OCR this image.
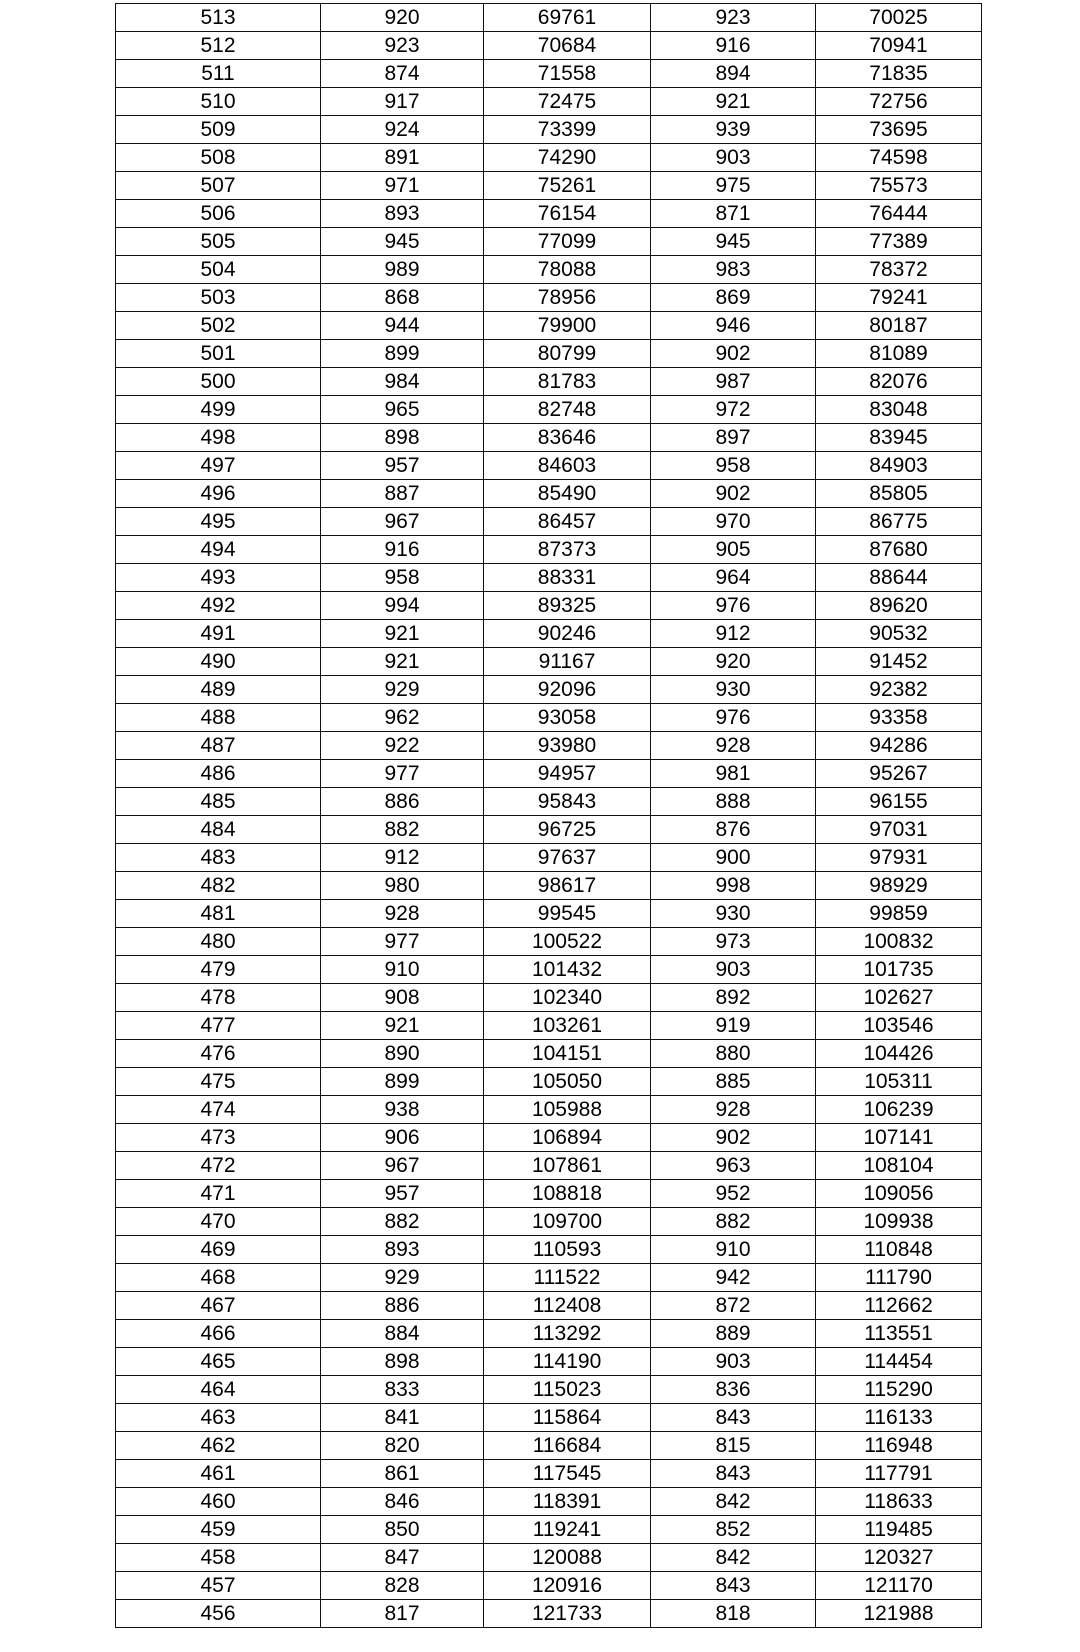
513	920	69761	923	70025
512	923	70684	916	70941
511	874	71558	894	71835
510	917	72475	921	72756
509	924	73399	939	73695
508	891	74290	903	74598
507	971	75261	975	75573
506	893	76154	871	76444
505	945	77099	945	77389
504	989	78088	983	78372
503	868	78956	869	79241
502	944	79900	946	80187
501	899	80799	902	81089
500	984	81783	987	82076
499	965	82748	972	83048
498	898	83646	897	83945
497	957	84603	958	84903
496	887	85490	902	85805
495	967	86457	970	86775
494	916	87373	905	87680
493	958	88331	964	88644
492	994	89325	976	89620
491	921	90246	912	90532
490	921	91167	920	91452
489	929	92096	930	92382
488	962	93058	976	93358
487	922	93980	928	94286
486	977	94957	981	95267
485	886	95843	888	96155
484	882	96725	876	97031
483	912	97637	900	97931
482	980	98617	998	98929
481	928	99545	930	99859
480	977	100522	973	100832
479	910	101432	903	101735
478	908	102340	892	102627
477	921	103261	919	103546
476	890	104151	880	104426
475	899	105050	885	105311
474	938	105988	928	106239
473	906	106894	902	107141
472	967	107861	963	108104
471	957	108818	952	109056
470	882	109700	882	109938
469	893	110593	910	110848
468	929	111522	942	111790
467	886	112408	872	112662
466	884	113292	889	113551
465	898	114190	903	114454
464	833	115023	836	115290
463	841	115864	843	116133
462	820	116684	815	116948
461	861	117545	843	117791
460	846	118391	842	118633
459	850	119241	852	119485
458	847	120088	842	120327
457	828	120916	843	121170
456	817	121733	818	121988
